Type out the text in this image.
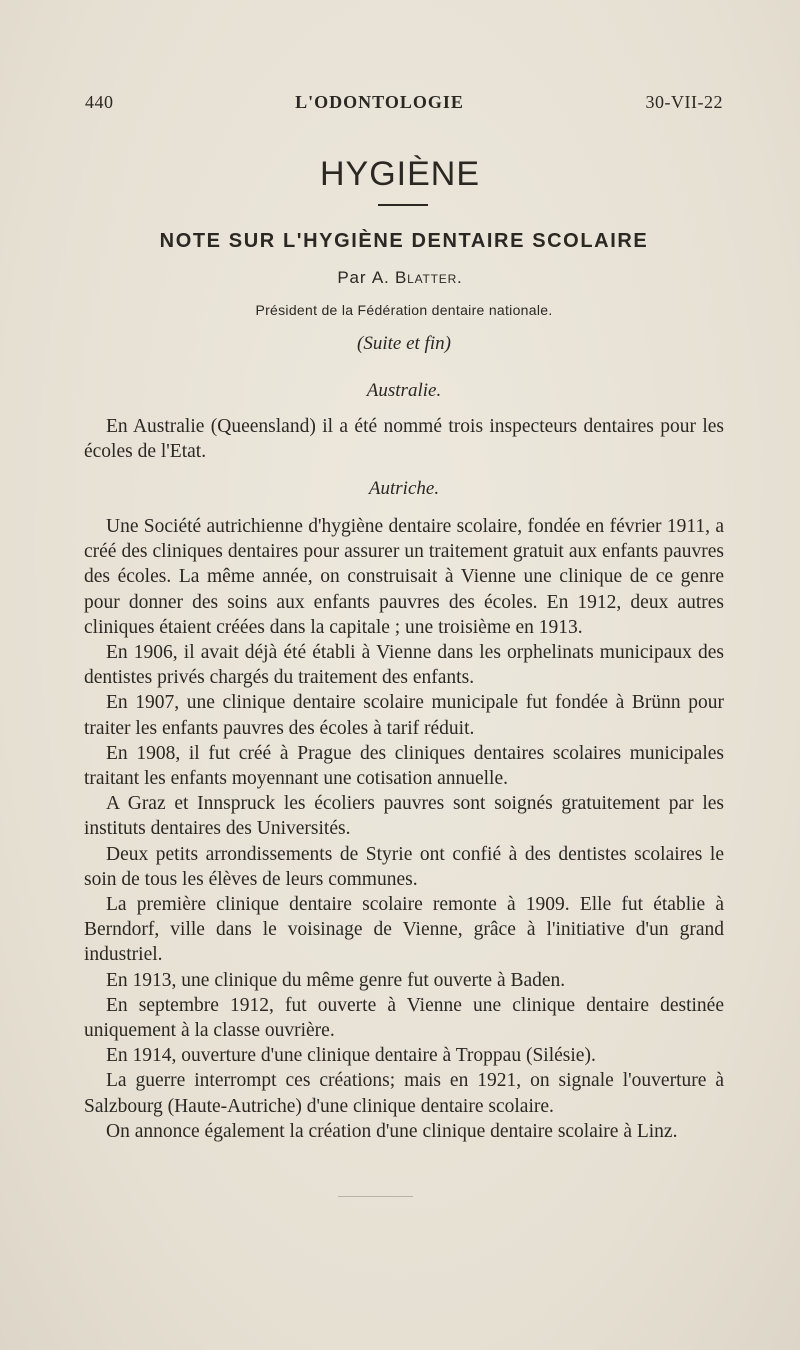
440	L'ODONTOLOGIE	30-VII-22
HYGIÈNE
NOTE SUR L'HYGIÈNE DENTAIRE SCOLAIRE
Par A. Blatter.
Président de la Fédération dentaire nationale.
(Suite et fin)
Australie.

En Australie (Queensland) il a été nommé trois inspecteurs dentaires pour les écoles de l'Etat.

Autriche.

Une Société autrichienne d'hygiène dentaire scolaire, fondée en février 1911, a créé des cliniques dentaires pour assurer un traitement gratuit aux enfants pauvres des écoles. La même année, on construisait à Vienne une clinique de ce genre pour donner des soins aux enfants pauvres des écoles. En 1912, deux autres cliniques étaient créées dans la capitale ; une troisième en 1913.

En 1906, il avait déjà été établi à Vienne dans les orphelinats municipaux des dentistes privés chargés du traitement des enfants.

En 1907, une clinique dentaire scolaire municipale fut fondée à Brünn pour traiter les enfants pauvres des écoles à tarif réduit.

En 1908, il fut créé à Prague des cliniques dentaires scolaires municipales traitant les enfants moyennant une cotisation annuelle.

A Graz et Innspruck les écoliers pauvres sont soignés gratuitement par les instituts dentaires des Universités.

Deux petits arrondissements de Styrie ont confié à des dentistes scolaires le soin de tous les élèves de leurs communes.

La première clinique dentaire scolaire remonte à 1909. Elle fut établie à Berndorf, ville dans le voisinage de Vienne, grâce à l'initiative d'un grand industriel.

En 1913, une clinique du même genre fut ouverte à Baden.

En septembre 1912, fut ouverte à Vienne une clinique dentaire destinée uniquement à la classe ouvrière.

En 1914, ouverture d'une clinique dentaire à Troppau (Silésie).

La guerre interrompt ces créations; mais en 1921, on signale l'ouverture à Salzbourg (Haute-Autriche) d'une clinique dentaire scolaire.

On annonce également la création d'une clinique dentaire scolaire à Linz.
